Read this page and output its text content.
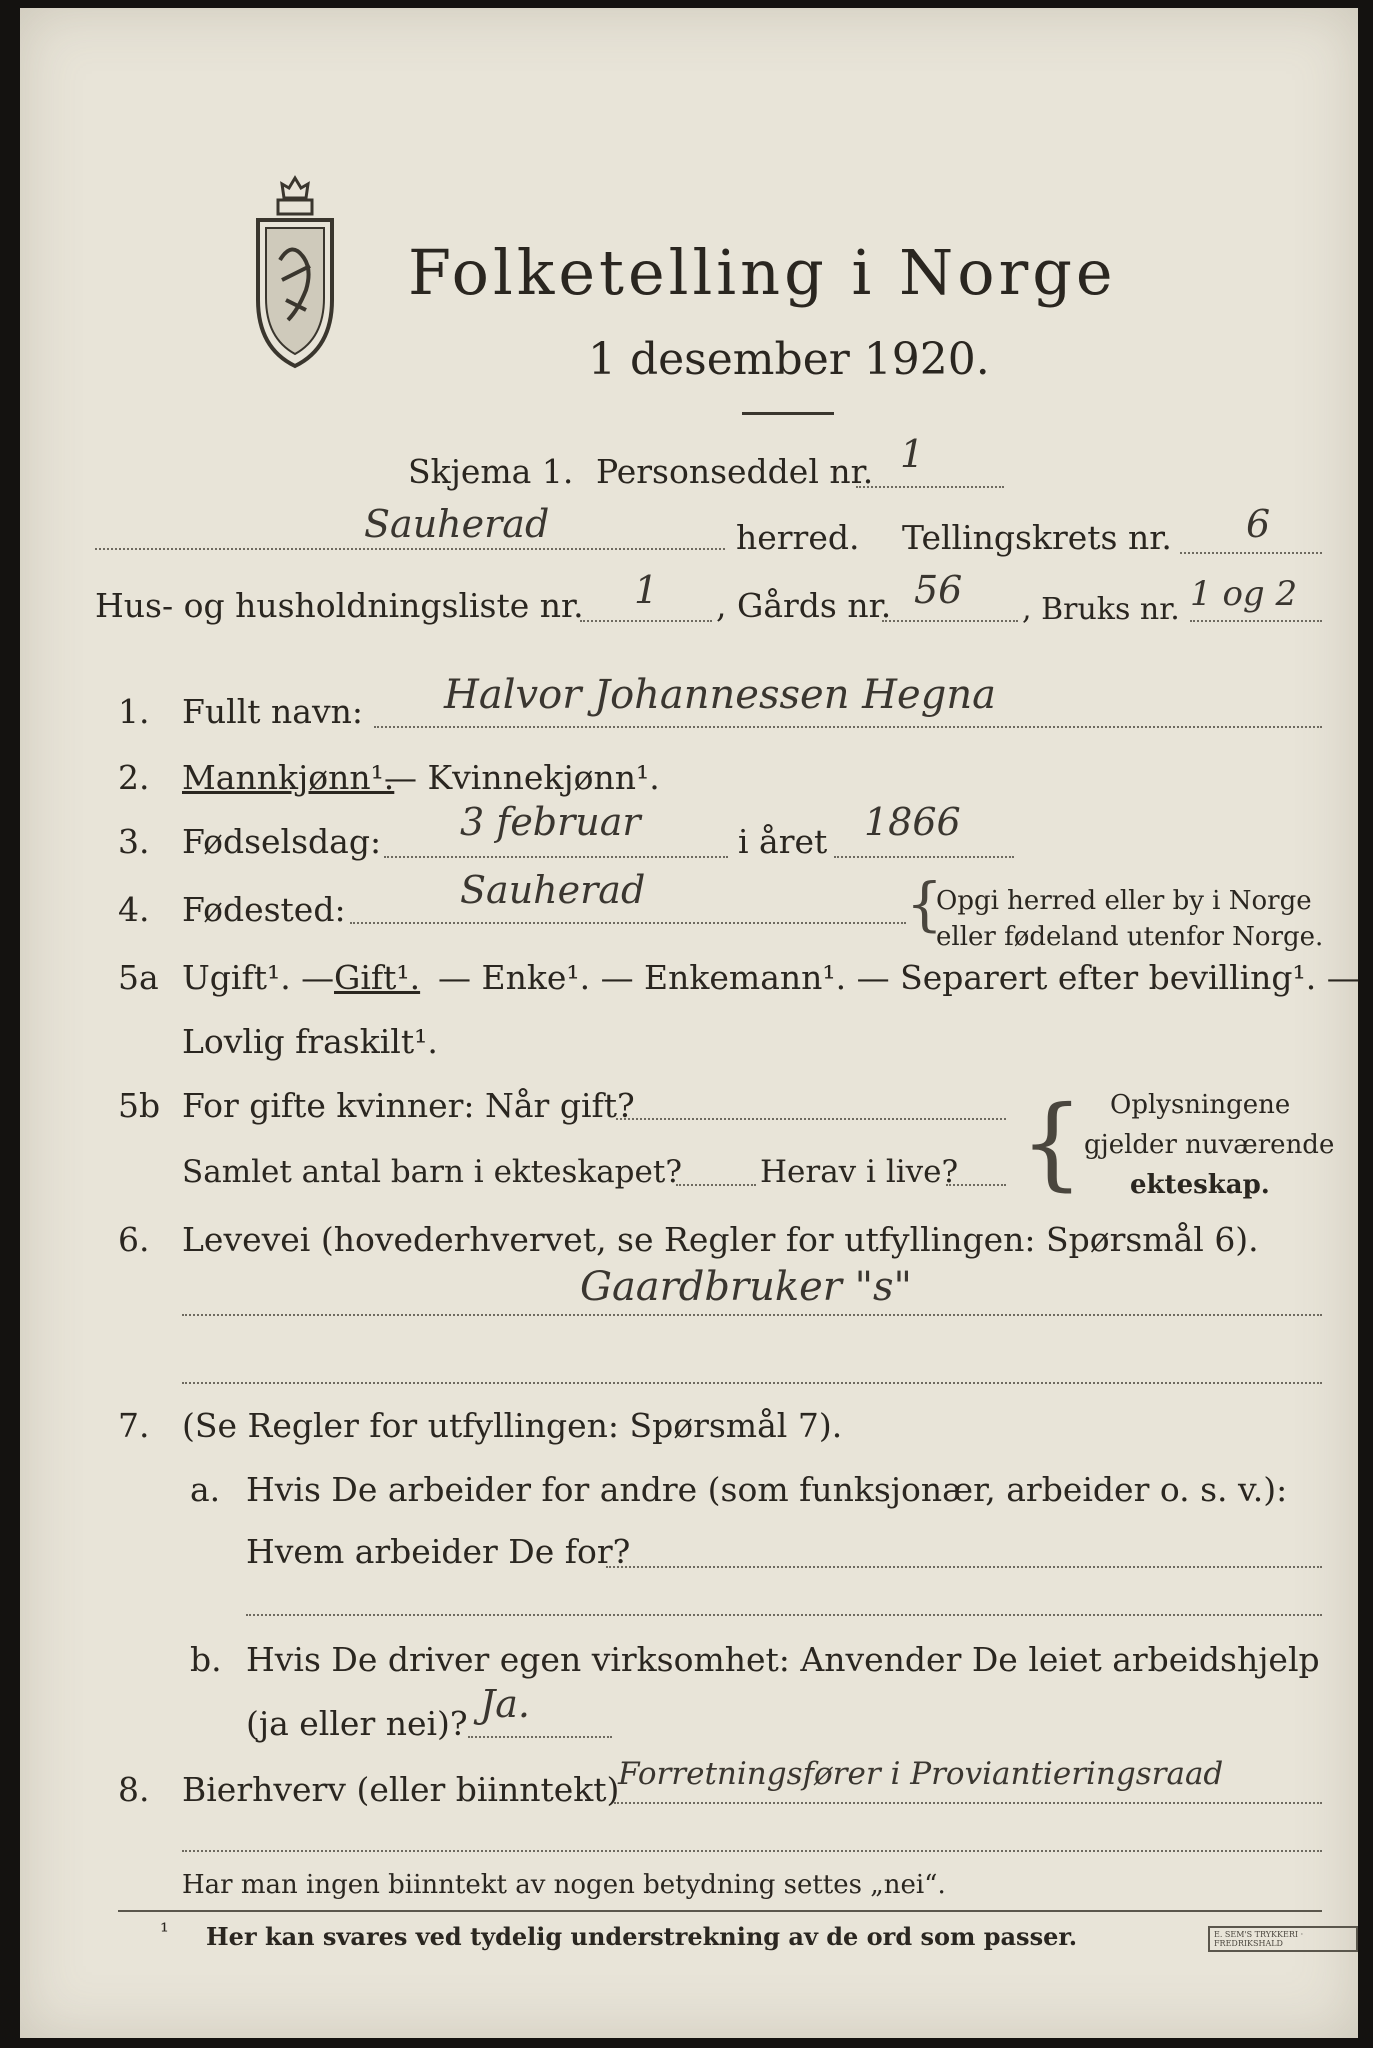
Folketelling i Norge
1 desember 1920.
Skjema 1. Personseddel nr. 1
Sauherad	herred. Tellingskrets nr. 6
Hus- og husholdningsliste nr. 1 , Gårds nr. 56 , Bruks nr. 1 og 2
1. Fullt navn: Halvor Johannessen Hegna
2. Mannkjønn¹.
— Kvinnekjønn¹.
3. Fødselsdag: 3 februar	i året 1866
4. Fødested:	Sauherad	{
Opgi herred eller by i Norge
eller fødeland utenfor Norge.
5a Ugift¹. — Gift¹. — Enke¹. — Enkemann¹. — Separert efter bevilling¹. —
Lovlig fraskilt¹.
5b For gifte kvinner: Når gift?
Samlet antal barn i ekteskapet?	Herav i live? { Oplysningene
gjelder nuværende
ekteskap.
6. Levevei (hovederhvervet, se Regler for utfyllingen: Spørsmål 6).
Gaardbruker "s"
7. (Se Regler for utfyllingen: Spørsmål 7).
a. Hvis De arbeider for andre (som funksjonær, arbeider o. s. v.):
Hvem arbeider De for?
b. Hvis De driver egen virksomhet: Anvender De leiet arbeidshjelp
(ja eller nei)? Ja.
8. Bierhverv (eller biinntekt)
Forretningsfører i Proviantieringsraad
Har man ingen biinntekt av nogen betydning settes „nei“.
¹ Her kan svares ved tydelig understrekning av de ord som passer.	E. SEM'S TRYKKERI · FREDRIKSHALD
